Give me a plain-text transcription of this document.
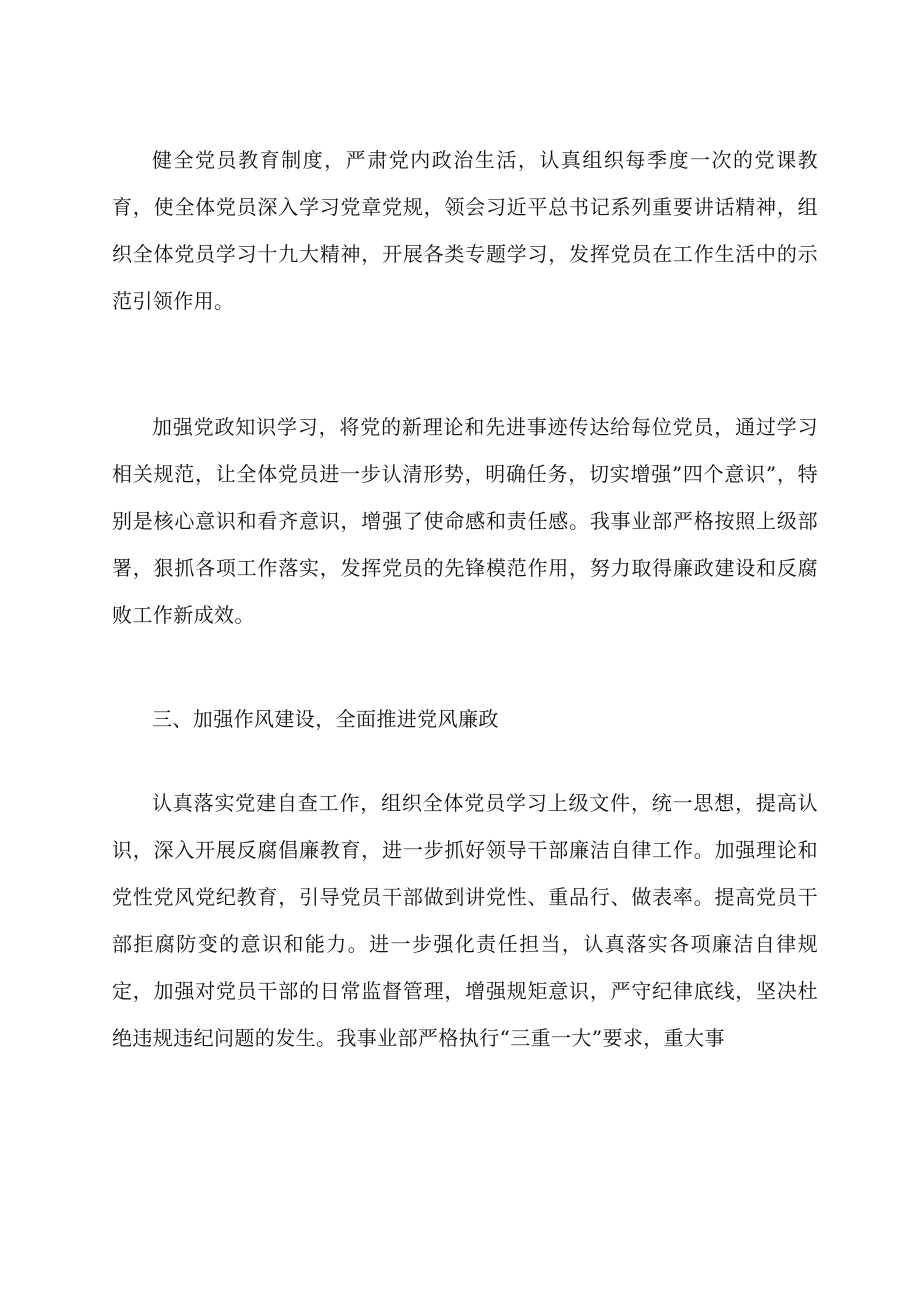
健全党员教育制度，严肃党内政治生活，认真组织每季度一次的党课教育，使全体党员深入学习党章党规，领会习近平总书记系列重要讲话精神，组织全体党员学习十九大精神，开展各类专题学习，发挥党员在工作生活中的示范引领作用。

加强党政知识学习，将党的新理论和先进事迹传达给每位党员，通过学习相关规范，让全体党员进一步认清形势，明确任务，切实增强”四个意识”，特别是核心意识和看齐意识，增强了使命感和责任感。我事业部严格按照上级部署，狠抓各项工作落实，发挥党员的先锋模范作用，努力取得廉政建设和反腐败工作新成效。

三、加强作风建设，全面推进党风廉政

认真落实党建自查工作，组织全体党员学习上级文件，统一思想，提高认识，深入开展反腐倡廉教育，进一步抓好领导干部廉洁自律工作。加强理论和党性党风党纪教育，引导党员干部做到讲党性、重品行、做表率。提高党员干部拒腐防变的意识和能力。进一步强化责任担当，认真落实各项廉洁自律规定，加强对党员干部的日常监督管理，增强规矩意识，严守纪律底线，坚决杜绝违规违纪问题的发生。我事业部严格执行“三重一大”要求，重大事
